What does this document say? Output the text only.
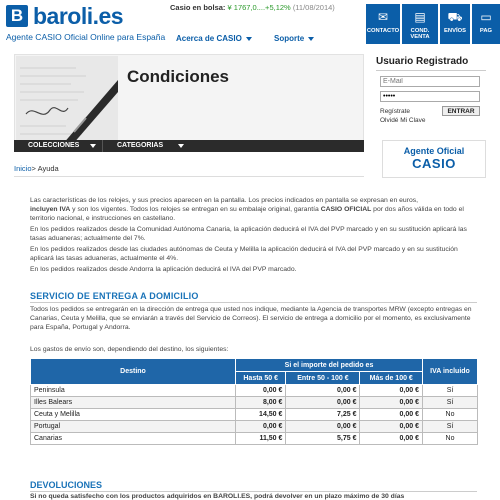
B baroli.es
Agente CASIO Oficial Online para España
Casio en bolsa: ¥ 1767,0....+5,12% (11/08/2014)
Acerca de CASIO	Soporte
✉
CONTACTO
▤
COND. VENTA
⛟
ENVÍOS
▭
PAG
Condiciones
COLECCIONES	CATEGORIAS
Usuario Registrado
E-Mail
•••••
ENTRAR
Regístrate
Olvidé Mi Clave
Agente Oficial
CASIO
Inicio> Ayuda

Las características de los relojes, y sus precios aparecen en la pantalla. Los precios indicados en pantalla se expresan en euros,
incluyen IVA y son los vigentes. Todos los relojes se entregan en su embalaje original, garantía CASIO OFICIAL por dos años válida en todo el territorio nacional, e instrucciones en castellano.

En los pedidos realizados desde la Comunidad Autónoma Canaria, la aplicación deducirá el IVA del PVP marcado y en su sustitución aplicará las tasas aduaneras; actualmente del 7%.

En los pedidos realizados desde las ciudades autónomas de Ceuta y Melilla la aplicación deducirá el IVA del PVP marcado y en su sustitución aplicará las tasas aduaneras, actualmente el 4%.

En los pedidos realizados desde Andorra la aplicación deducirá el IVA del PVP marcado.

SERVICIO DE ENTREGA A DOMICILIO
Todos los pedidos se entregarán en la dirección de entrega que usted nos indique, mediante la Agencia de transportes MRW (excepto entregas en Canarias, Ceuta y Melilla, que se enviarán a través del Servicio de Correos). El servicio de entrega a domicilio por el momento, es exclusivamente para España, Portugal y Andorra.
Los gastos de envío son, dependiendo del destino, los siguientes:
Destino	Si el importe del pedido es			IVA incluido
	Hasta 50 €	Entre 50 - 100 €	Más de 100 €	
Peninsula	0,00 €	0,00 €	0,00 €	Sí
Illes Balears	8,00 €	0,00 €	0,00 €	Sí
Ceuta y Melilla	14,50 €	7,25 €	0,00 €	No
Portugal	0,00 €	0,00 €	0,00 €	Sí
Canarias	11,50 €	5,75 €	0,00 €	No
DEVOLUCIONES
Si no queda satisfecho con los productos adquiridos en BAROLI.ES, podrá devolver en un plazo máximo de 30 días
